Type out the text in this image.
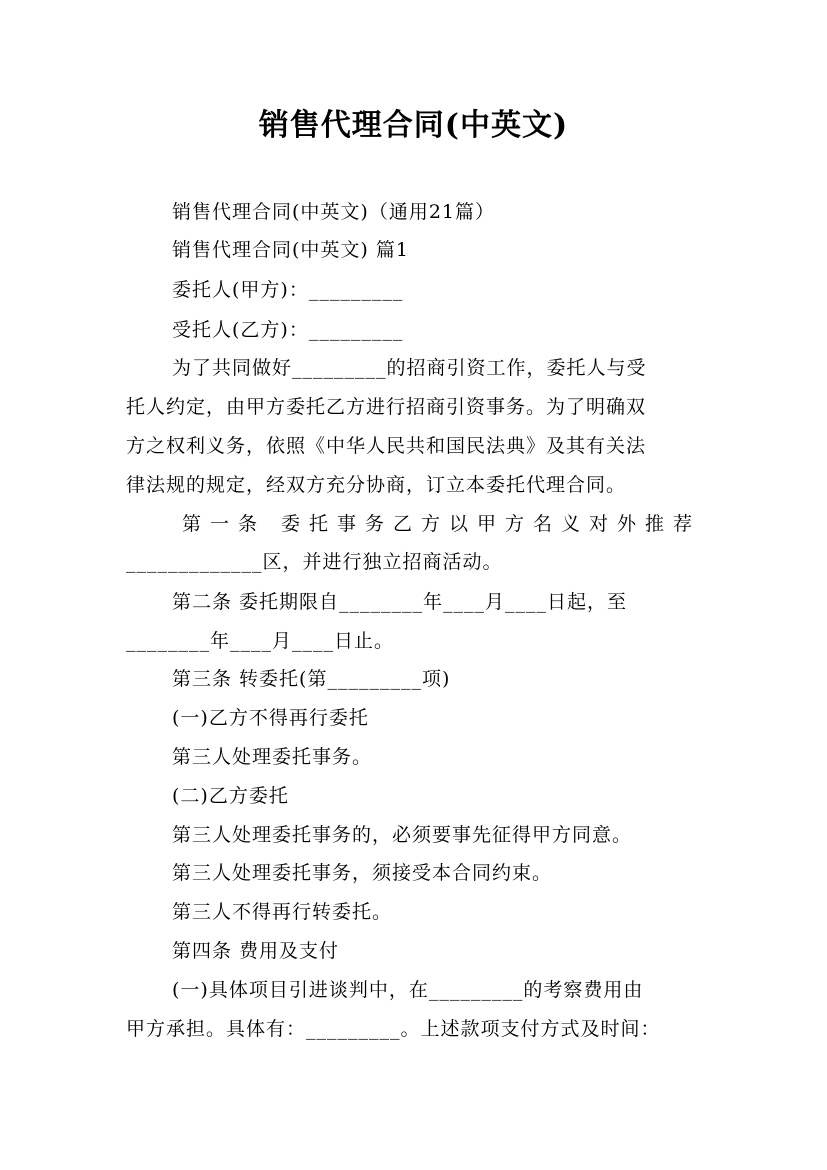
销售代理合同(中英文)
销售代理合同(中英文)（通用21篇）
销售代理合同(中英文) 篇1
委托人(甲方)：_________
受托人(乙方)：_________
为了共同做好_________的招商引资工作，委托人与受
托人约定，由甲方委托乙方进行招商引资事务。为了明确双
方之权利义务，依照《中华人民共和国民法典》及其有关法
律法规的规定，经双方充分协商，订立本委托代理合同。
第一条 委托事务乙方以甲方名义对外推荐
_____________区，并进行独立招商活动。
第二条 委托期限自________年____月____日起，至
________年____月____日止。
第三条 转委托(第_________项)
(一)乙方不得再行委托
第三人处理委托事务。
(二)乙方委托
第三人处理委托事务的，必须要事先征得甲方同意。
第三人处理委托事务，须接受本合同约束。
第三人不得再行转委托。
第四条 费用及支付
(一)具体项目引进谈判中，在_________的考察费用由
甲方承担。具体有：_________。上述款项支付方式及时间：
